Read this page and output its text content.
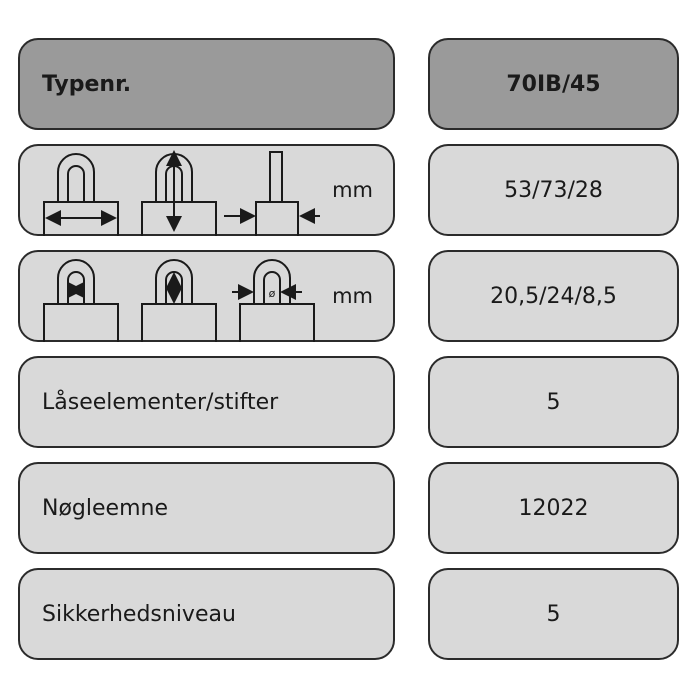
Typenr.	70IB/45
mm	53/73/28
ø	mm	20,5/24/8,5
Låseelementer/stifter	5
Nøgleemne	12022
Sikkerhedsniveau	5
